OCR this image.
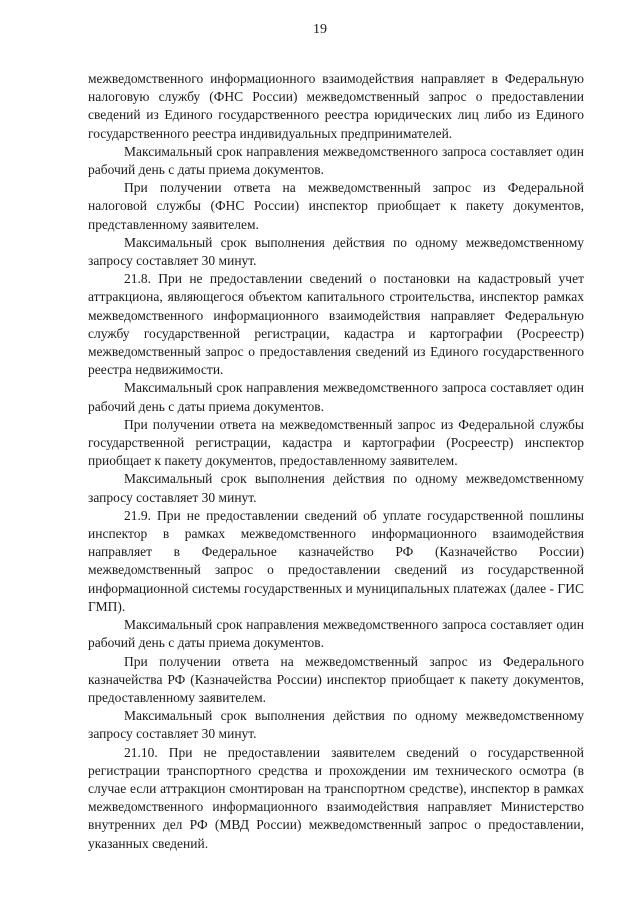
19

межведомственного информационного взаимодействия направляет в Федеральную налоговую службу (ФНС России) межведомственный запрос о предоставлении сведений из Единого государственного реестра юридических лиц либо из Единого государственного реестра индивидуальных предпринимателей.

Максимальный срок направления межведомственного запроса составляет один рабочий день с даты приема документов.

При получении ответа на межведомственный запрос из Федеральной налоговой службы (ФНС России) инспектор приобщает к пакету документов, представленному заявителем.

Максимальный срок выполнения действия по одному межведомственному запросу составляет 30 минут.

21.8. При не предоставлении сведений о постановки на кадастровый учет аттракциона, являющегося объектом капитального строительства, инспектор рамках межведомственного информационного взаимодействия направляет Федеральную службу государственной регистрации, кадастра и картографии (Росреестр) межведомственный запрос о предоставления сведений из Единого государственного реестра недвижимости.

Максимальный срок направления межведомственного запроса составляет один рабочий день с даты приема документов.

При получении ответа на межведомственный запрос из Федеральной службы государственной регистрации, кадастра и картографии (Росреестр) инспектор приобщает к пакету документов, предоставленному заявителем.

Максимальный срок выполнения действия по одному межведомственному запросу составляет 30 минут.

21.9. При не предоставлении сведений об уплате государственной пошлины инспектор в рамках межведомственного информационного взаимодействия направляет в Федеральное казначейство РФ (Казначейство России) межведомственный запрос о предоставлении сведений из государственной информационной системы государственных и муниципальных платежах (далее - ГИС ГМП).

Максимальный срок направления межведомственного запроса составляет один рабочий день с даты приема документов.

При получении ответа на межведомственный запрос из Федерального казначейства РФ (Казначейства России) инспектор приобщает к пакету документов, предоставленному заявителем.

Максимальный срок выполнения действия по одному межведомственному запросу составляет 30 минут.

21.10. При не предоставлении заявителем сведений о государственной регистрации транспортного средства и прохождении им технического осмотра (в случае если аттракцион смонтирован на транспортном средстве), инспектор в рамках межведомственного информационного взаимодействия направляет Министерство внутренних дел РФ (МВД России) межведомственный запрос о предоставлении, указанных сведений.
